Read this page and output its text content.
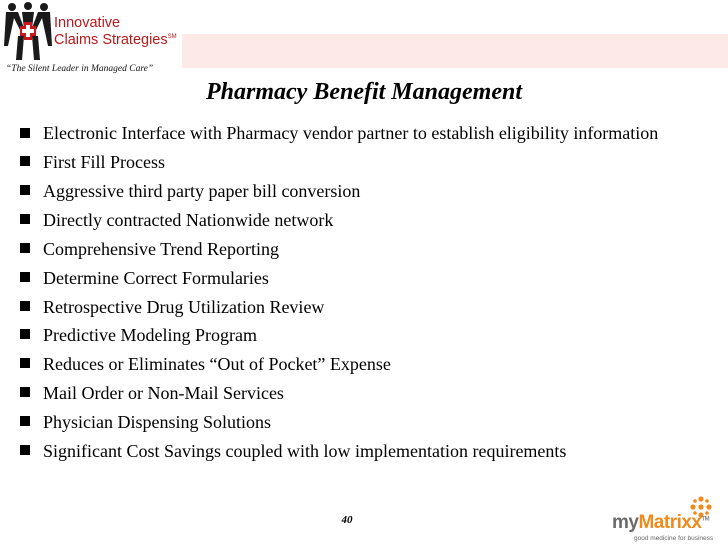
Innovative
Claims Strategies℠
“The Silent Leader in Managed Care”
Pharmacy Benefit Management
Electronic Interface with Pharmacy vendor partner to establish eligibility information
First Fill Process
Aggressive third party paper bill conversion
Directly contracted Nationwide network
Comprehensive Trend Reporting
Determine Correct Formularies
Retrospective Drug Utilization Review
Predictive Modeling Program
Reduces or Eliminates “Out of Pocket” Expense
Mail Order or Non-Mail Services
Physician Dispensing Solutions
Significant Cost Savings coupled with low implementation requirements
40	myMatrixx™
good medicine for business
